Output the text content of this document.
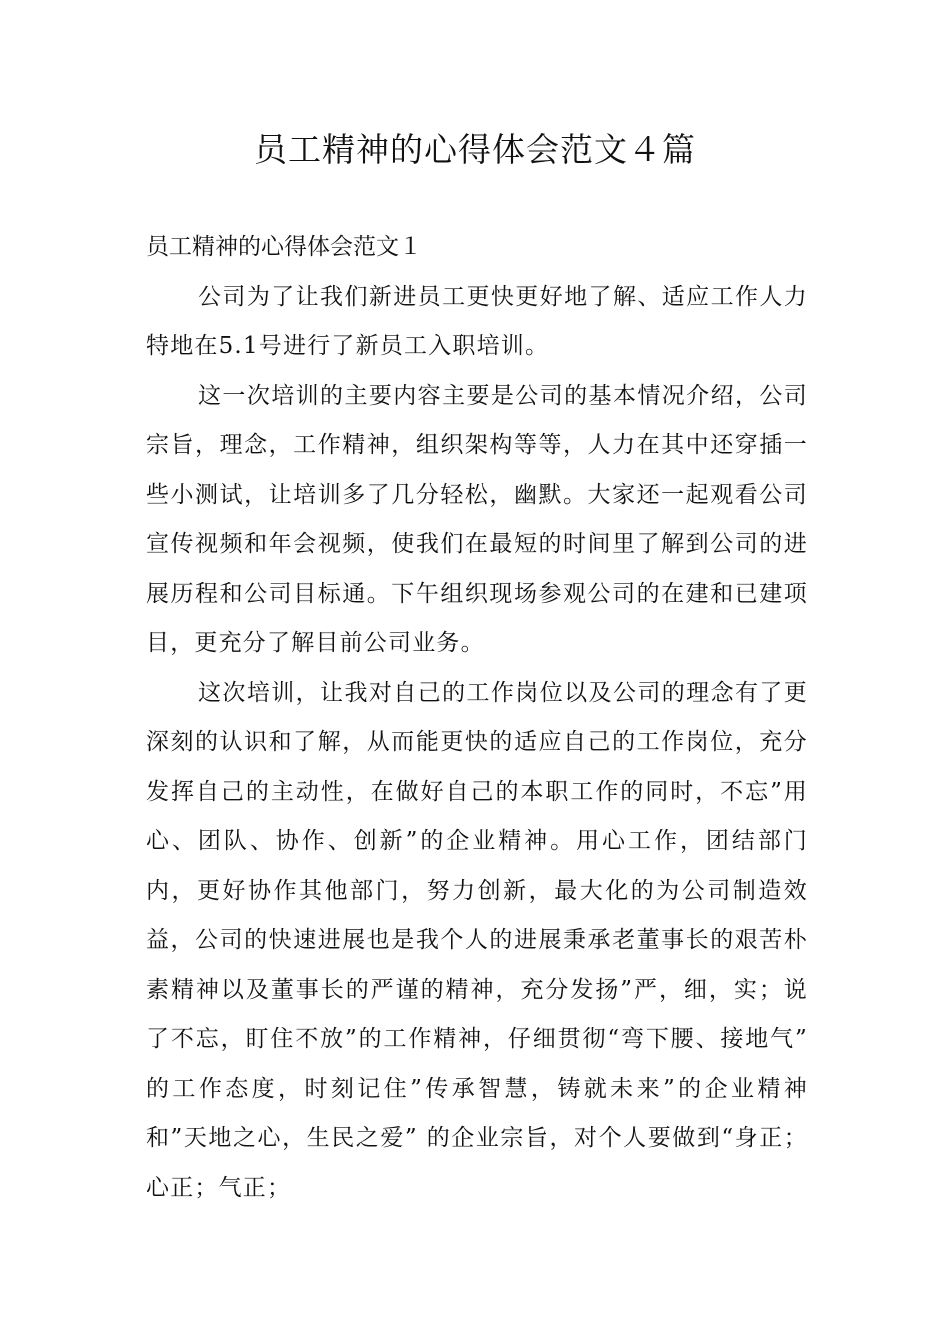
员工精神的心得体会范文４篇
员工精神的心得体会范文１

公司为了让我们新进员工更快更好地了解、适应工作人力特地在5.1号进行了新员工入职培训。

这一次培训的主要内容主要是公司的基本情况介绍，公司宗旨，理念，工作精神，组织架构等等，人力在其中还穿插一些小测试，让培训多了几分轻松，幽默。大家还一起观看公司宣传视频和年会视频，使我们在最短的时间里了解到公司的进展历程和公司目标通。下午组织现场参观公司的在建和已建项目，更充分了解目前公司业务。

这次培训，让我对自己的工作岗位以及公司的理念有了更深刻的认识和了解，从而能更快的适应自己的工作岗位，充分发挥自己的主动性，在做好自己的本职工作的同时，不忘”用心、团队、协作、创新”的企业精神。用心工作，团结部门内，更好协作其他部门，努力创新，最大化的为公司制造效益，公司的快速进展也是我个人的进展秉承老董事长的艰苦朴素精神以及董事长的严谨的精神，充分发扬”严，细，实；说了不忘，盯住不放”的工作精神，仔细贯彻“弯下腰、接地气” 的工作态度，时刻记住”传承智慧，铸就未来”的企业精神和”天地之心，生民之爱” 的企业宗旨，对个人要做到“身正；心正；气正；
